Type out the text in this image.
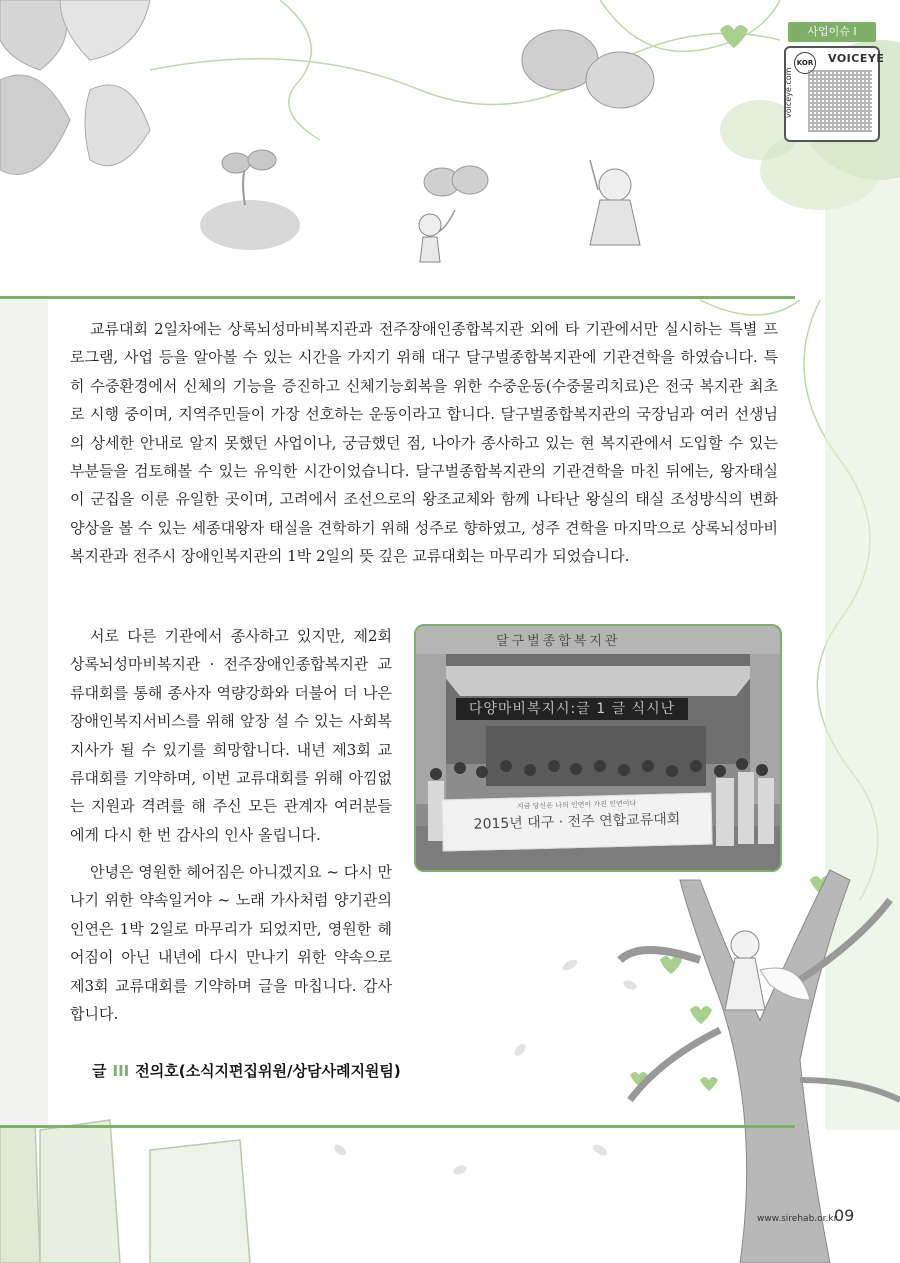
사업이슈 I
KOR VOICEYE
voiceye.com

교류대회 2일차에는 상록뇌성마비복지관과 전주장애인종합복지관 외에 타 기관에서만 실시하는 특별 프로그램, 사업 등을 알아볼 수 있는 시간을 가지기 위해 대구 달구벌종합복지관에 기관견학을 하였습니다. 특히 수중환경에서 신체의 기능을 증진하고 신체기능회복을 위한 수중운동(수중물리치료)은 전국 복지관 최초로 시행 중이며, 지역주민들이 가장 선호하는 운동이라고 합니다. 달구벌종합복지관의 국장님과 여러 선생님의 상세한 안내로 알지 못했던 사업이나, 궁금했던 점, 나아가 종사하고 있는 현 복지관에서 도입할 수 있는 부분들을 검토해볼 수 있는 유익한 시간이었습니다. 달구벌종합복지관의 기관견학을 마친 뒤에는, 왕자태실이 군집을 이룬 유일한 곳이며, 고려에서 조선으로의 왕조교체와 함께 나타난 왕실의 태실 조성방식의 변화 양상을 볼 수 있는 세종대왕자 태실을 견학하기 위해 성주로 향하였고, 성주 견학을 마지막으로 상록뇌성마비복지관과 전주시 장애인복지관의 1박 2일의 뜻 깊은 교류대회는 마무리가 되었습니다.

서로 다른 기관에서 종사하고 있지만, 제2회 상록뇌성마비복지관 · 전주장애인종합복지관 교류대회를 통해 종사자 역량강화와 더불어 더 나은 장애인복지서비스를 위해 앞장 설 수 있는 사회복지사가 될 수 있기를 희망합니다. 내년 제3회 교류대회를 기약하며, 이번 교류대회를 위해 아낌없는 지원과 격려를 해 주신 모든 관계자 여러분들에게 다시 한 번 감사의 인사 올립니다.

안녕은 영원한 헤어짐은 아니겠지요 ~ 다시 만나기 위한 약속일거야 ~ 노래 가사처럼 양기관의 인연은 1박 2일로 마무리가 되었지만, 영원한 헤어짐이 아닌 내년에 다시 만나기 위한 약속으로 제3회 교류대회를 기약하며 글을 마칩니다. 감사합니다.

달구벌종합복지관
다양마비복지시:글 1 글 식시난
지금 당신은 나의 인연이 가진 인연이다
2015년 대구 · 전주 연합교류대회
글 III 전의호(소식지편집위원/상담사례지원팀)
www.sirehab.or.kr
09
